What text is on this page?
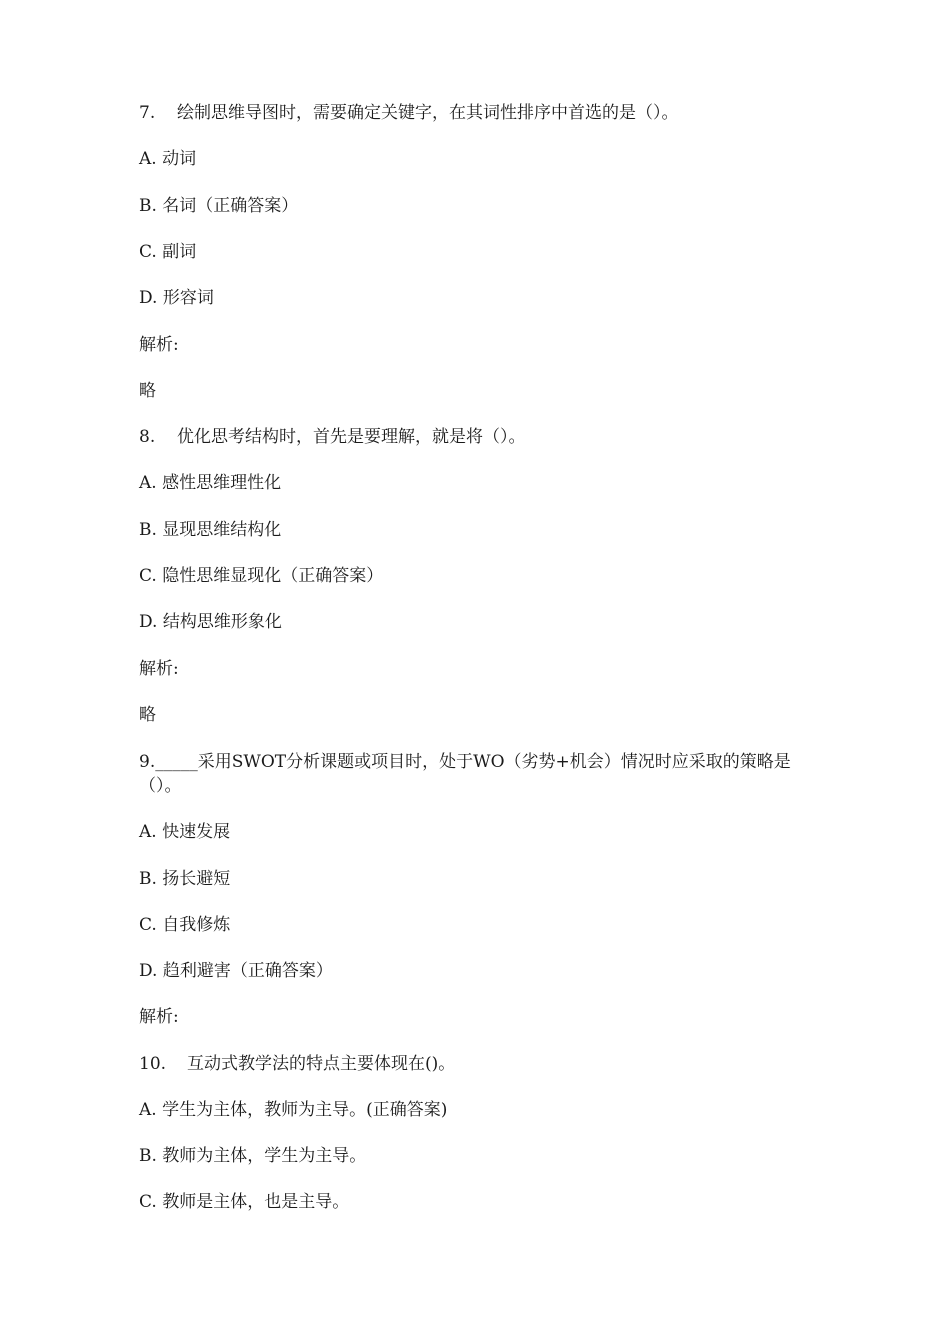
7. 绘制思维导图时，需要确定关键字，在其词性排序中首选的是（）。
A. 动词
B. 名词（正确答案）
C. 副词
D. 形容词
解析:
略
8. 优化思考结构时，首先是要理解，就是将（）。
A. 感性思维理性化
B. 显现思维结构化
C. 隐性思维显现化（正确答案）
D. 结构思维形象化
解析:
略
9._____采用SWOT分析课题或项目时，处于WO（劣势+机会）情况时应采取的策略是（）。
A. 快速发展
B. 扬长避短
C. 自我修炼
D. 趋利避害（正确答案）
解析:
10. 互动式教学法的特点主要体现在()。
A. 学生为主体，教师为主导。(正确答案)
B. 教师为主体，学生为主导。
C. 教师是主体，也是主导。
